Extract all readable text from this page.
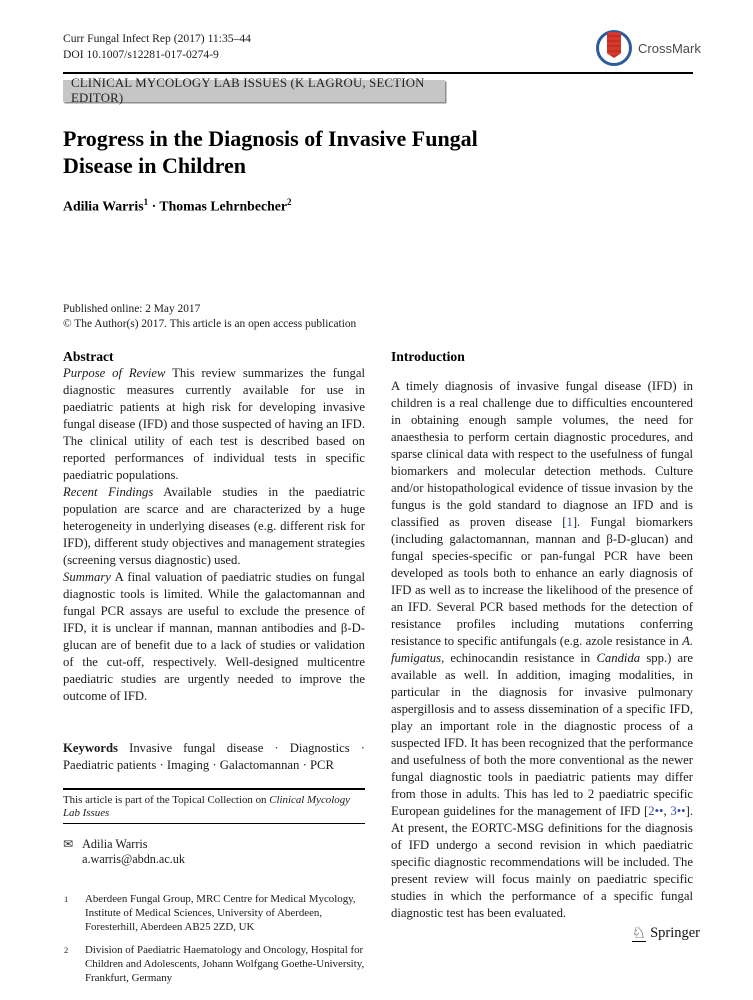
Curr Fungal Infect Rep (2017) 11:35–44
DOI 10.1007/s12281-017-0274-9	CrossMark
CLINICAL MYCOLOGY LAB ISSUES (K LAGROU, SECTION EDITOR)
Progress in the Diagnosis of Invasive Fungal
Disease in Children
Adilia Warris$^1$ · Thomas Lehrnbecher$^2$
Published online: 2 May 2017
© The Author(s) 2017. This article is an open access publication
Abstract

Purpose of Review This review summarizes the fungal diagnostic measures currently available for use in paediatric patients at high risk for developing invasive fungal disease (IFD) and those suspected of having an IFD. The clinical utility of each test is described based on reported performances of individual tests in specific paediatric populations.

Recent Findings Available studies in the paediatric population are scarce and are characterized by a huge heterogeneity in underlying diseases (e.g. different risk for IFD), different study objectives and management strategies (screening versus diagnostic) used.

Summary A final valuation of paediatric studies on fungal diagnostic tools is limited. While the galactomannan and fungal PCR assays are useful to exclude the presence of IFD, it is unclear if mannan, mannan antibodies and β-D-glucan are of benefit due to a lack of studies or validation of the cut-off, respectively. Well-designed multicentre paediatric studies are urgently needed to improve the outcome of IFD.

Keywords Invasive fungal disease · Diagnostics · Paediatric patients · Imaging · Galactomannan · PCR

This article is part of the Topical Collection on Clinical Mycology Lab Issues
✉ Adilia Warris
a.warris@abdn.ac.uk
1 Aberdeen Fungal Group, MRC Centre for Medical Mycology, Institute of Medical Sciences, University of Aberdeen, Foresterhill, Aberdeen AB25 2ZD, UK
2 Division of Paediatric Haematology and Oncology, Hospital for Children and Adolescents, Johann Wolfgang Goethe-University, Frankfurt, Germany
Introduction

A timely diagnosis of invasive fungal disease (IFD) in children is a real challenge due to difficulties encountered in obtaining enough sample volumes, the need for anaesthesia to perform certain diagnostic procedures, and sparse clinical data with respect to the usefulness of fungal biomarkers and molecular detection methods. Culture and/or histopathological evidence of tissue invasion by the fungus is the gold standard to diagnose an IFD and is classified as proven disease [1]. Fungal biomarkers (including galactomannan, mannan and β-D-glucan) and fungal species-specific or pan-fungal PCR have been developed as tools both to enhance an early diagnosis of IFD as well as to increase the likelihood of the presence of an IFD. Several PCR based methods for the detection of resistance profiles including mutations conferring resistance to specific antifungals (e.g. azole resistance in A. fumigatus, echinocandin resistance in Candida spp.) are available as well. In addition, imaging modalities, in particular in the diagnosis for invasive pulmonary aspergillosis and to assess dissemination of a specific IFD, play an important role in the diagnostic process of a suspected IFD. It has been recognized that the performance and usefulness of both the more conventional as the newer fungal diagnostic tools in paediatric patients may differ from those in adults. This has led to 2 paediatric specific European guidelines for the management of IFD [2••, 3••]. At present, the EORTC-MSG definitions for the diagnosis of IFD undergo a second revision in which paediatric specific diagnostic recommendations will be included. The present review will focus mainly on paediatric specific studies in which the performance of a specific fungal diagnostic test has been evaluated.

♘ Springer
